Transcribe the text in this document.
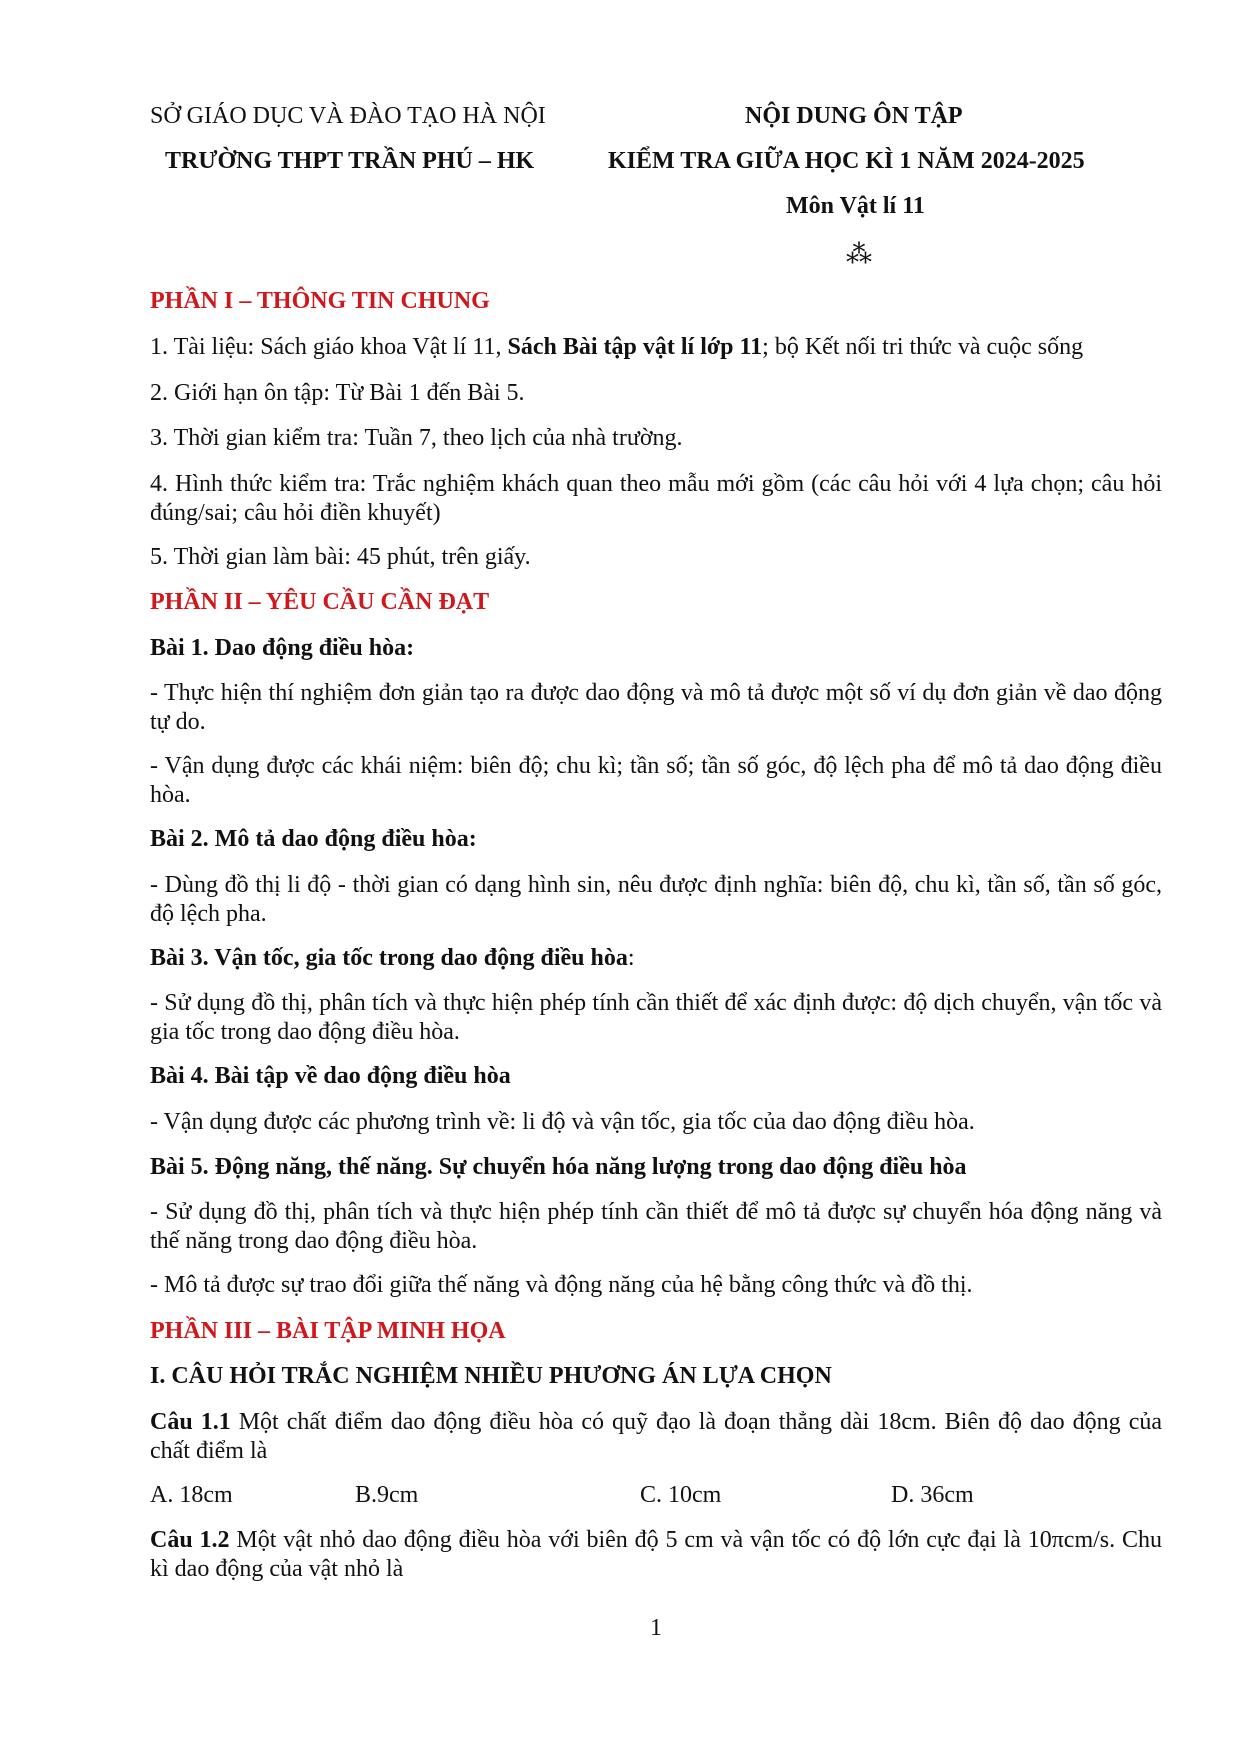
SỞ GIÁO DỤC VÀ ĐÀO TẠO HÀ NỘI
TRƯỜNG THPT TRẦN PHÚ – HK
NỘI DUNG ÔN TẬP
KIỂM TRA GIỮA HỌC KÌ 1 NĂM 2024-2025
Môn Vật lí 11
⁂
PHẦN I – THÔNG TIN CHUNG
1. Tài liệu: Sách giáo khoa Vật lí 11, Sách Bài tập vật lí lớp 11; bộ Kết nối tri thức và cuộc sống
2. Giới hạn ôn tập: Từ Bài 1 đến Bài 5.
3. Thời gian kiểm tra: Tuần 7, theo lịch của nhà trường.
4. Hình thức kiểm tra: Trắc nghiệm khách quan theo mẫu mới gồm (các câu hỏi với 4 lựa chọn; câu hỏi đúng/sai; câu hỏi điền khuyết)
5. Thời gian làm bài: 45 phút, trên giấy.
PHẦN II – YÊU CẦU CẦN ĐẠT
Bài 1. Dao động điều hòa:
- Thực hiện thí nghiệm đơn giản tạo ra được dao động và mô tả được một số ví dụ đơn giản về dao động tự do.
- Vận dụng được các khái niệm: biên độ; chu kì; tần số; tần số góc, độ lệch pha để mô tả dao động điều hòa.
Bài 2. Mô tả dao động điều hòa:
- Dùng đồ thị li độ - thời gian có dạng hình sin, nêu được định nghĩa: biên độ, chu kì, tần số, tần số góc, độ lệch pha.
Bài 3. Vận tốc, gia tốc trong dao động điều hòa:
- Sử dụng đồ thị, phân tích và thực hiện phép tính cần thiết để xác định được: độ dịch chuyển, vận tốc và gia tốc trong dao động điều hòa.
Bài 4. Bài tập về dao động điều hòa
- Vận dụng được các phương trình về: li độ và vận tốc, gia tốc của dao động điều hòa.
Bài 5. Động năng, thế năng. Sự chuyển hóa năng lượng trong dao động điều hòa
- Sử dụng đồ thị, phân tích và thực hiện phép tính cần thiết để mô tả được sự chuyển hóa động năng và thế năng trong dao động điều hòa.
- Mô tả được sự trao đổi giữa thế năng và động năng của hệ bằng công thức và đồ thị.
PHẦN III – BÀI TẬP MINH HỌA
I. CÂU HỎI TRẮC NGHIỆM NHIỀU PHƯƠNG ÁN LỰA CHỌN
Câu 1.1 Một chất điểm dao động điều hòa có quỹ đạo là đoạn thẳng dài 18cm. Biên độ dao động của chất điểm là
A. 18cm	B.9cm	C. 10cm	D. 36cm
Câu 1.2 Một vật nhỏ dao động điều hòa với biên độ 5 cm và vận tốc có độ lớn cực đại là 10πcm/s. Chu kì dao động của vật nhỏ là
1
